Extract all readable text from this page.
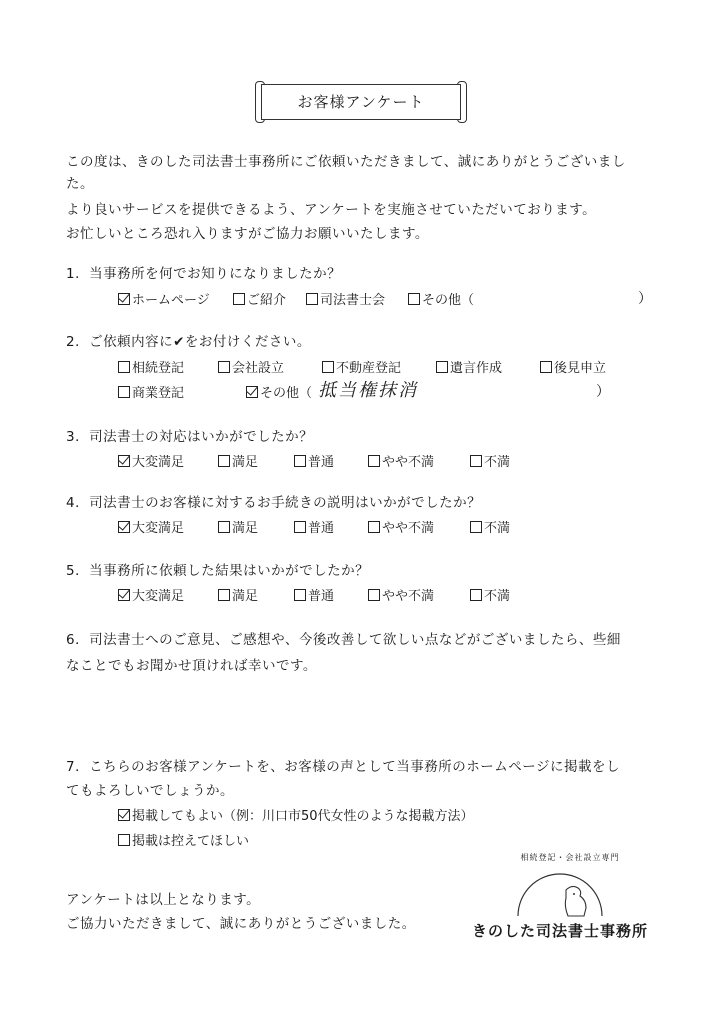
お客様アンケート
この度は、きのした司法書士事務所にご依頼いただきまして、誠にありがとうございまし
た。
より良いサービスを提供できるよう、アンケートを実施させていただいております。
お忙しいところ恐れ入りますがご協力お願いいたします。
1．当事務所を何でお知りになりましたか？
ホームページ	ご紹介	司法書士会	その他（	）
2．ご依頼内容に✔をお付けください。
相続登記	会社設立	不動産登記	遺言作成	後見申立
商業登記	その他（ 抵当権抹消	）
3．司法書士の対応はいかがでしたか？
大変満足	満足	普通	やや不満	不満
4．司法書士のお客様に対するお手続きの説明はいかがでしたか？
大変満足	満足	普通	やや不満	不満
5．当事務所に依頼した結果はいかがでしたか？
大変満足	満足	普通	やや不満	不満
6．司法書士へのご意見、ご感想や、今後改善して欲しい点などがございましたら、些細
なことでもお聞かせ頂ければ幸いです。
7．こちらのお客様アンケートを、お客様の声として当事務所のホームページに掲載をし
てもよろしいでしょうか。
掲載してもよい（例：川口市50代女性のような掲載方法）
掲載は控えてほしい
アンケートは以上となります。
ご協力いただきまして、誠にありがとうございました。
相続登記・会社設立専門
きのした司法書士事務所
